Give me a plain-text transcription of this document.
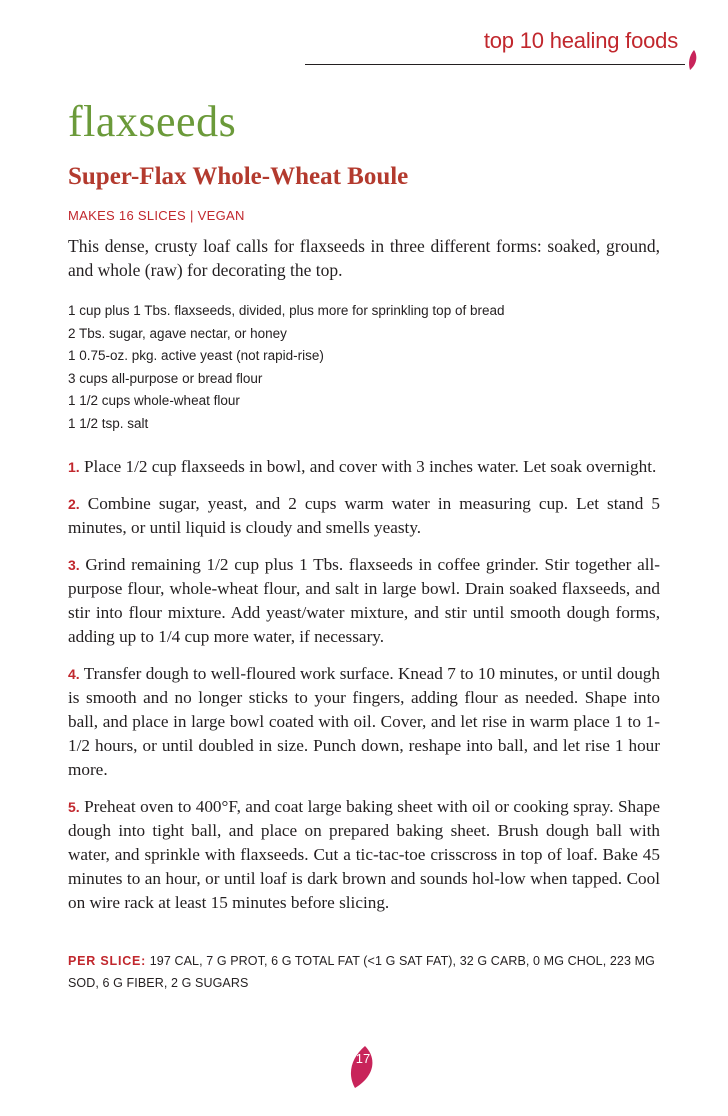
top 10 healing foods
flaxseeds
Super-Flax Whole-Wheat Boule
MAKES 16 SLICES | VEGAN

This dense, crusty loaf calls for flaxseeds in three different forms: soaked, ground, and whole (raw) for decorating the top.

1 cup plus 1 Tbs. flaxseeds, divided, plus more for sprinkling top of bread
2 Tbs. sugar, agave nectar, or honey
1 0.75-oz. pkg. active yeast (not rapid-rise)
3 cups all-purpose or bread flour
1 1/2 cups whole-wheat flour
1 1/2 tsp. salt

1. Place 1/2 cup flaxseeds in bowl, and cover with 3 inches water. Let soak overnight.

2. Combine sugar, yeast, and 2 cups warm water in measuring cup. Let stand 5 minutes, or until liquid is cloudy and smells yeasty.

3. Grind remaining 1/2 cup plus 1 Tbs. flaxseeds in coffee grinder. Stir together all-purpose flour, whole-wheat flour, and salt in large bowl. Drain soaked flaxseeds, and stir into flour mixture. Add yeast/water mixture, and stir until smooth dough forms, adding up to 1/4 cup more water, if necessary.

4. Transfer dough to well-floured work surface. Knead 7 to 10 minutes, or until dough is smooth and no longer sticks to your fingers, adding flour as needed. Shape into ball, and place in large bowl coated with oil. Cover, and let rise in warm place 1 to 1-1/2 hours, or until doubled in size. Punch down, reshape into ball, and let rise 1 hour more.

5. Preheat oven to 400°F, and coat large baking sheet with oil or cooking spray. Shape dough into tight ball, and place on prepared baking sheet. Brush dough ball with water, and sprinkle with flaxseeds. Cut a tic-tac-toe crisscross in top of loaf. Bake 45 minutes to an hour, or until loaf is dark brown and sounds hol-low when tapped. Cool on wire rack at least 15 minutes before slicing.

PER SLICE: 197 CAL, 7 G PROT, 6 G TOTAL FAT (<1 G SAT FAT), 32 G CARB, 0 MG CHOL, 223 MG SOD, 6 G FIBER, 2 G SUGARS

17
